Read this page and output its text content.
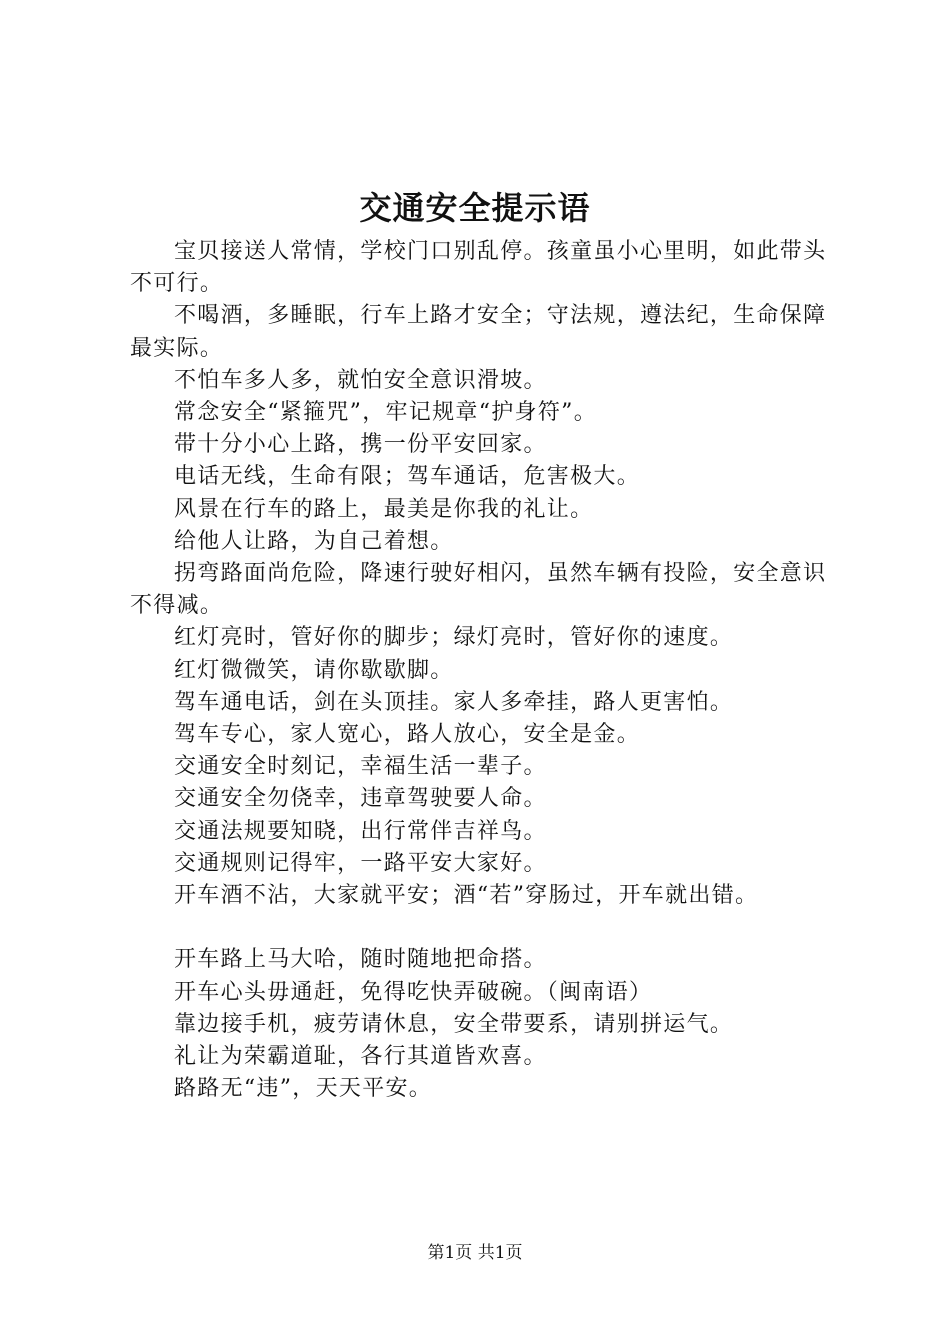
交通安全提示语

宝贝接送人常情，学校门口别乱停。孩童虽小心里明，如此带头不可行。

不喝酒，多睡眠，行车上路才安全；守法规，遵法纪，生命保障最实际。

不怕车多人多，就怕安全意识滑坡。

常念安全“紧箍咒”，牢记规章“护身符”。

带十分小心上路，携一份平安回家。

电话无线，生命有限；驾车通话，危害极大。

风景在行车的路上，最美是你我的礼让。

给他人让路，为自己着想。

拐弯路面尚危险，降速行驶好相闪，虽然车辆有投险，安全意识不得减。

红灯亮时，管好你的脚步；绿灯亮时，管好你的速度。

红灯微微笑，请你歇歇脚。

驾车通电话，剑在头顶挂。家人多牵挂，路人更害怕。

驾车专心，家人宽心，路人放心，安全是金。

交通安全时刻记，幸福生活一辈子。

交通安全勿侥幸，违章驾驶要人命。

交通法规要知晓，出行常伴吉祥鸟。

交通规则记得牢，一路平安大家好。

开车酒不沾，大家就平安；酒“若”穿肠过，开车就出错。

开车路上马大哈，随时随地把命搭。

开车心头毋通赶，免得吃快弄破碗。（闽南语）

靠边接手机，疲劳请休息，安全带要系，请别拼运气。

礼让为荣霸道耻，各行其道皆欢喜。

路路无“违”，天天平安。

第1页 共1页
